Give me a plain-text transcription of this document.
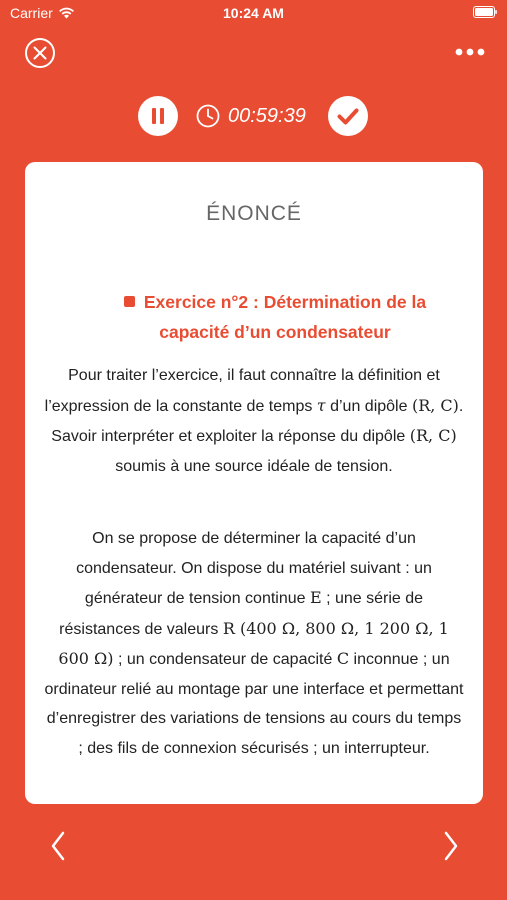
Carrier	10:24 AM
00:59:39
ÉNONCÉ
Exercice n°2 : Détermination de la
capacité d’un condensateur
Pour traiter l’exercice, il faut connaître la définition et l’expression de la constante de temps τ d’un dipôle (R, C). Savoir interpréter et exploiter la réponse du dipôle (R, C) soumis à une source idéale de tension.
On se propose de déterminer la capacité d’un condensateur. On dispose du matériel suivant : un générateur de tension continue E ; une série de résistances de valeurs R (400 Ω, 800 Ω, 1 200 Ω, 1 600 Ω) ; un condensateur de capacité C inconnue ; un ordinateur relié au montage par une interface et permettant d’enregistrer des variations de tensions au cours du temps ; des fils de connexion sécurisés ; un interrupteur.
